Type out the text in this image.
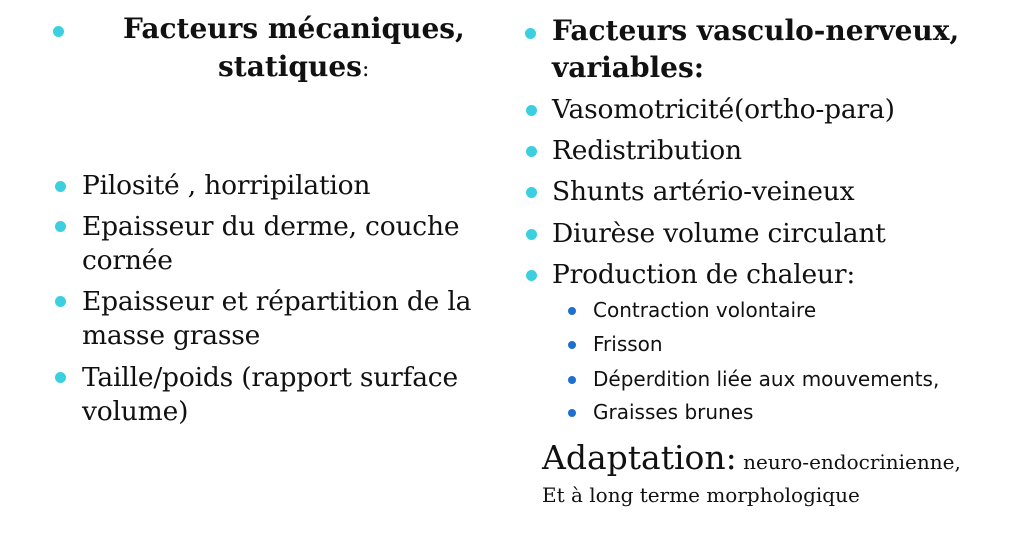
Facteurs mécaniques,
statiques:
Pilosité , horripilation
Epaisseur du derme, couche
cornée
Epaisseur et répartition de la
masse grasse
Taille/poids (rapport surface
volume)
Facteurs vasculo-nerveux,
variables:
Vasomotricité(ortho-para)
Redistribution
Shunts artério-veineux
Diurèse volume circulant
Production de chaleur:
Contraction volontaire
Frisson
Déperdition liée aux mouvements,
Graisses brunes
Adaptation: neuro-endocrinienne,
Et à long terme morphologique
